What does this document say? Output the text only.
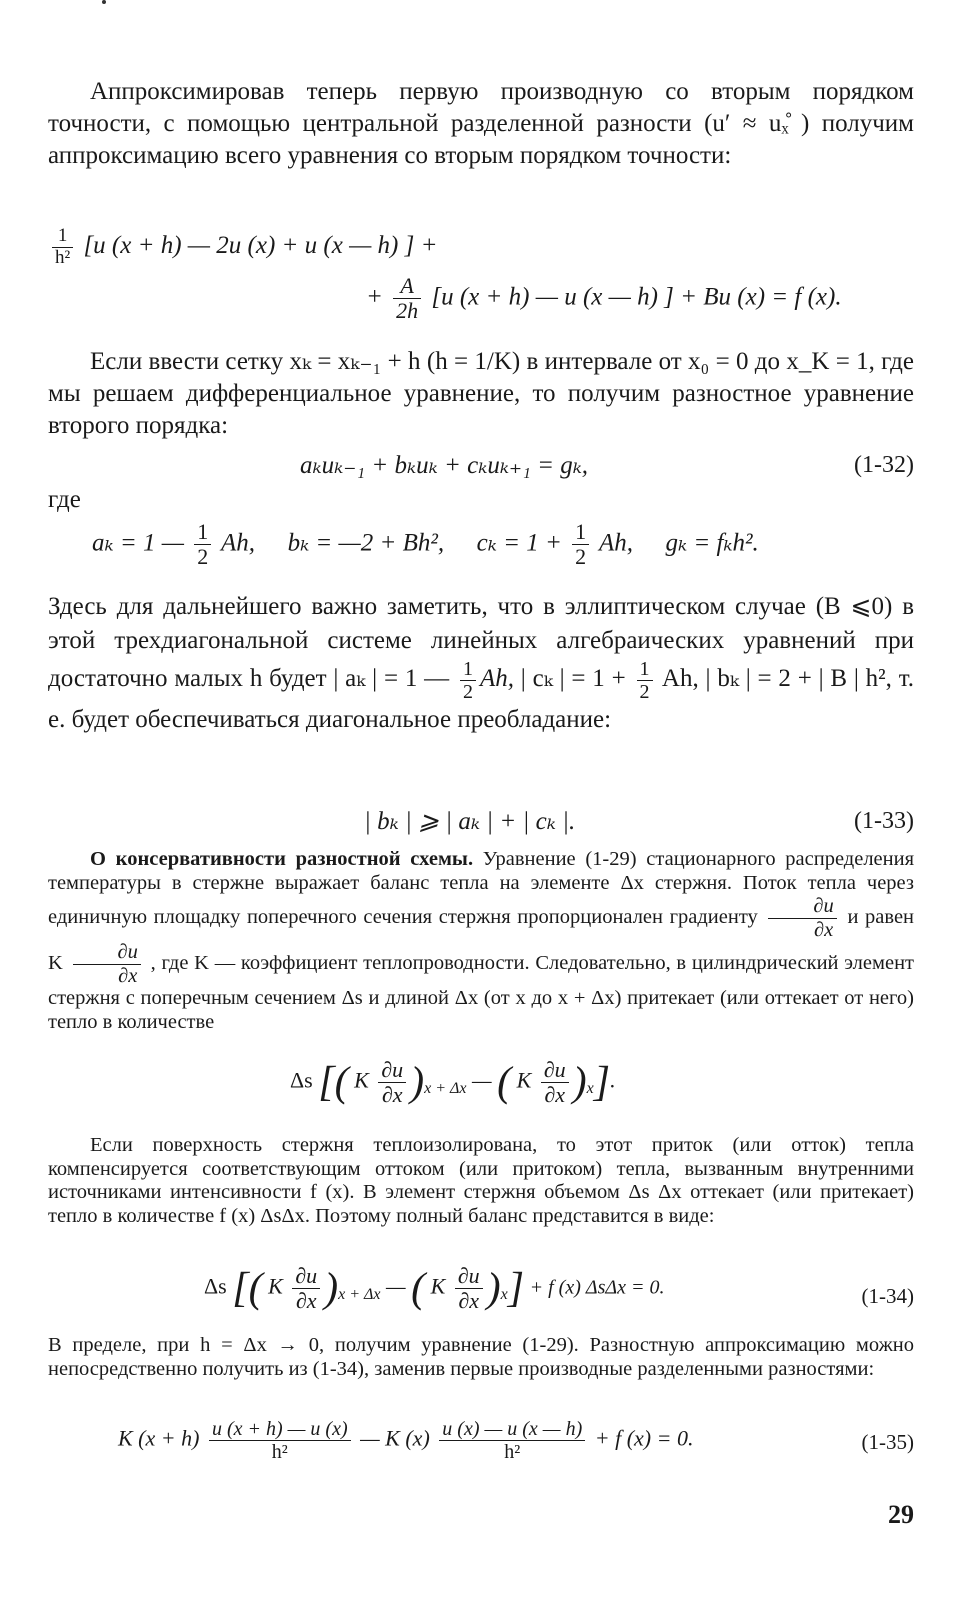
Аппроксимировав теперь первую производную со вторым порядком точности, с помощью центральной разделенной разности (u′ ≈ uₓ̊ ) получим аппроксимацию всего уравнения со вторым порядком точности:
$\frac{1}{\text{h²}} [u$ (x + h) — 2u (x) + u (x — h) ] +
+ $\frac{A}{2h} [u$ (x + h) — u (x — h) ] + Bu (x) = f (x).
Если ввести сетку xₖ = xₖ₋₁ + h (h = 1/K) в интервале от x₀ = 0 до x_K = 1, где мы решаем дифференциальное уравнение, то получим разностное уравнение второго порядка:
aₖuₖ₋₁ + bₖuₖ + cₖuₖ₊₁ = gₖ,	(1-32)
где
aₖ = 1 — $\frac{1}{2} Ah$, bₖ = —2 + Bh², $c_k = 1 + \frac{1}{2} Ah$, gₖ = fₖh².
Здесь для дальнейшего важно заметить, что в эллиптическом случае (B ⩽0) в этой трехдиагональной системе линейных алгебраических уравнений при достаточно малых h будет | aₖ | = 1 — $\frac{1}{2} Ah$, | cₖ | = $1 + \frac{1}{2} Ah$, | bₖ | = 2 + | B | h², т. е. будет обеспечиваться диагональное преобладание:
| bₖ | ⩾ | aₖ | + | cₖ |.	(1-33)
О консервативности разностной схемы. Уравнение (1-29) стационарного распределения температуры в стержне выражает баланс тепла на элементе Δx стержня. Поток тепла через единичную площадку поперечного сечения стержня пропорционален градиенту $\frac{\partial u}{\partial x}$ и равен K $\frac{\partial u}{\partial x}$ , где K — коэффициент теплопроводности. Следовательно, в цилиндрический элемент стержня с поперечным сечением Δs и длиной Δx (от x до x + Δx) притекает (или оттекает от него) тепло в количестве
Δs [( K $\frac{\partial u}{\partial x} )_{x + \Delta x}$ — ( K $\frac{\partial u}{\partial x} )_x$].
Если поверхность стержня теплоизолирована, то этот приток (или отток) тепла компенсируется соответствующим оттоком (или притоком) тепла, вызванным внутренними источниками интенсивности f (x). В элемент стержня объемом Δs Δx оттекает (или притекает) тепло в количестве f (x) ΔsΔx. Поэтому полный баланс представится в виде:
Δs [( K $\frac{\partial u}{\partial x} )_{x + \Delta x}$ — ( K $\frac{\partial u}{\partial x} )_x] + f$ (x) ΔsΔx = 0.	(1-34)
В пределе, при h = Δx → 0, получим уравнение (1-29). Разностную аппроксимацию можно непосредственно получить из (1-34), заменив первые производные разделенными разностями:
K $(x + h) \frac{u (x + h) — u (x)}{\text{h²}}$ — K $(x) \frac{u (x) — u (x — h)}{\text{h²}} + f$ (x) = 0.	(1-35)
29
